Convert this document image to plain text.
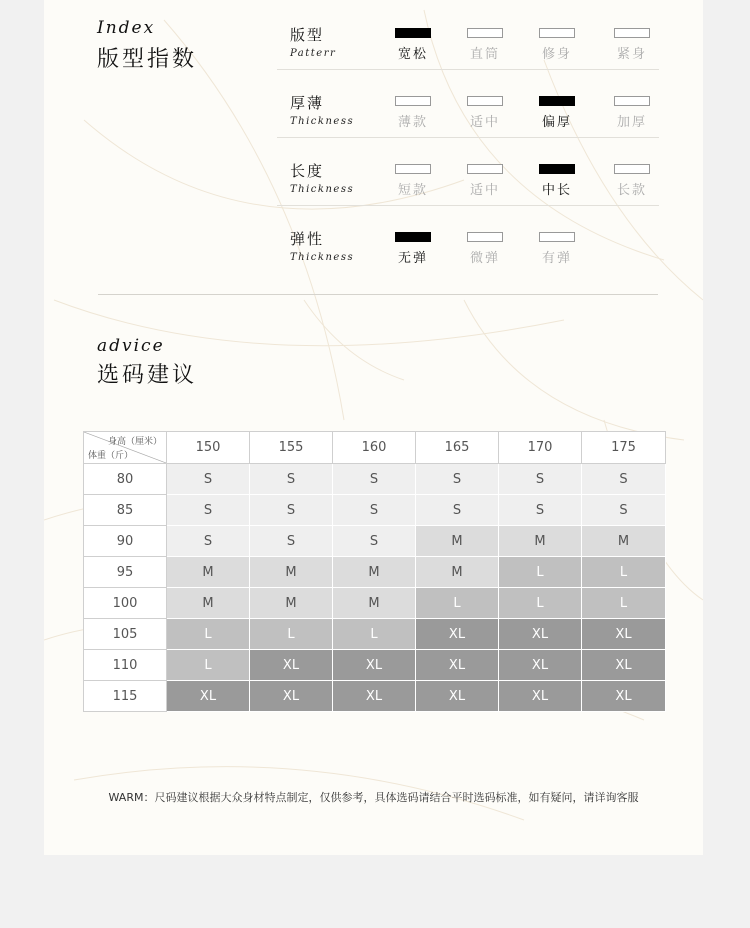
Index
版型指数
版型
Patterr	宽松	直筒	修身	紧身
厚薄
Thickness	薄款	适中	偏厚	加厚
长度
Thickness	短款	适中	中长	长款
弹性
Thickness	无弹	微弹	有弹
advice
选码建议
身高（厘米）
体重（斤）	150	155	160	165	170	175
80	S	S	S	S	S	S
85	S	S	S	S	S	S
90	S	S	S	M	M	M
95	M	M	M	M	L	L
100	M	M	M	L	L	L
105	L	L	L	XL	XL	XL
110	L	XL	XL	XL	XL	XL
115	XL	XL	XL	XL	XL	XL
WARM：尺码建议根据大众身材特点制定，仅供参考，具体选码请结合平时选码标准，如有疑问，请详询客服
